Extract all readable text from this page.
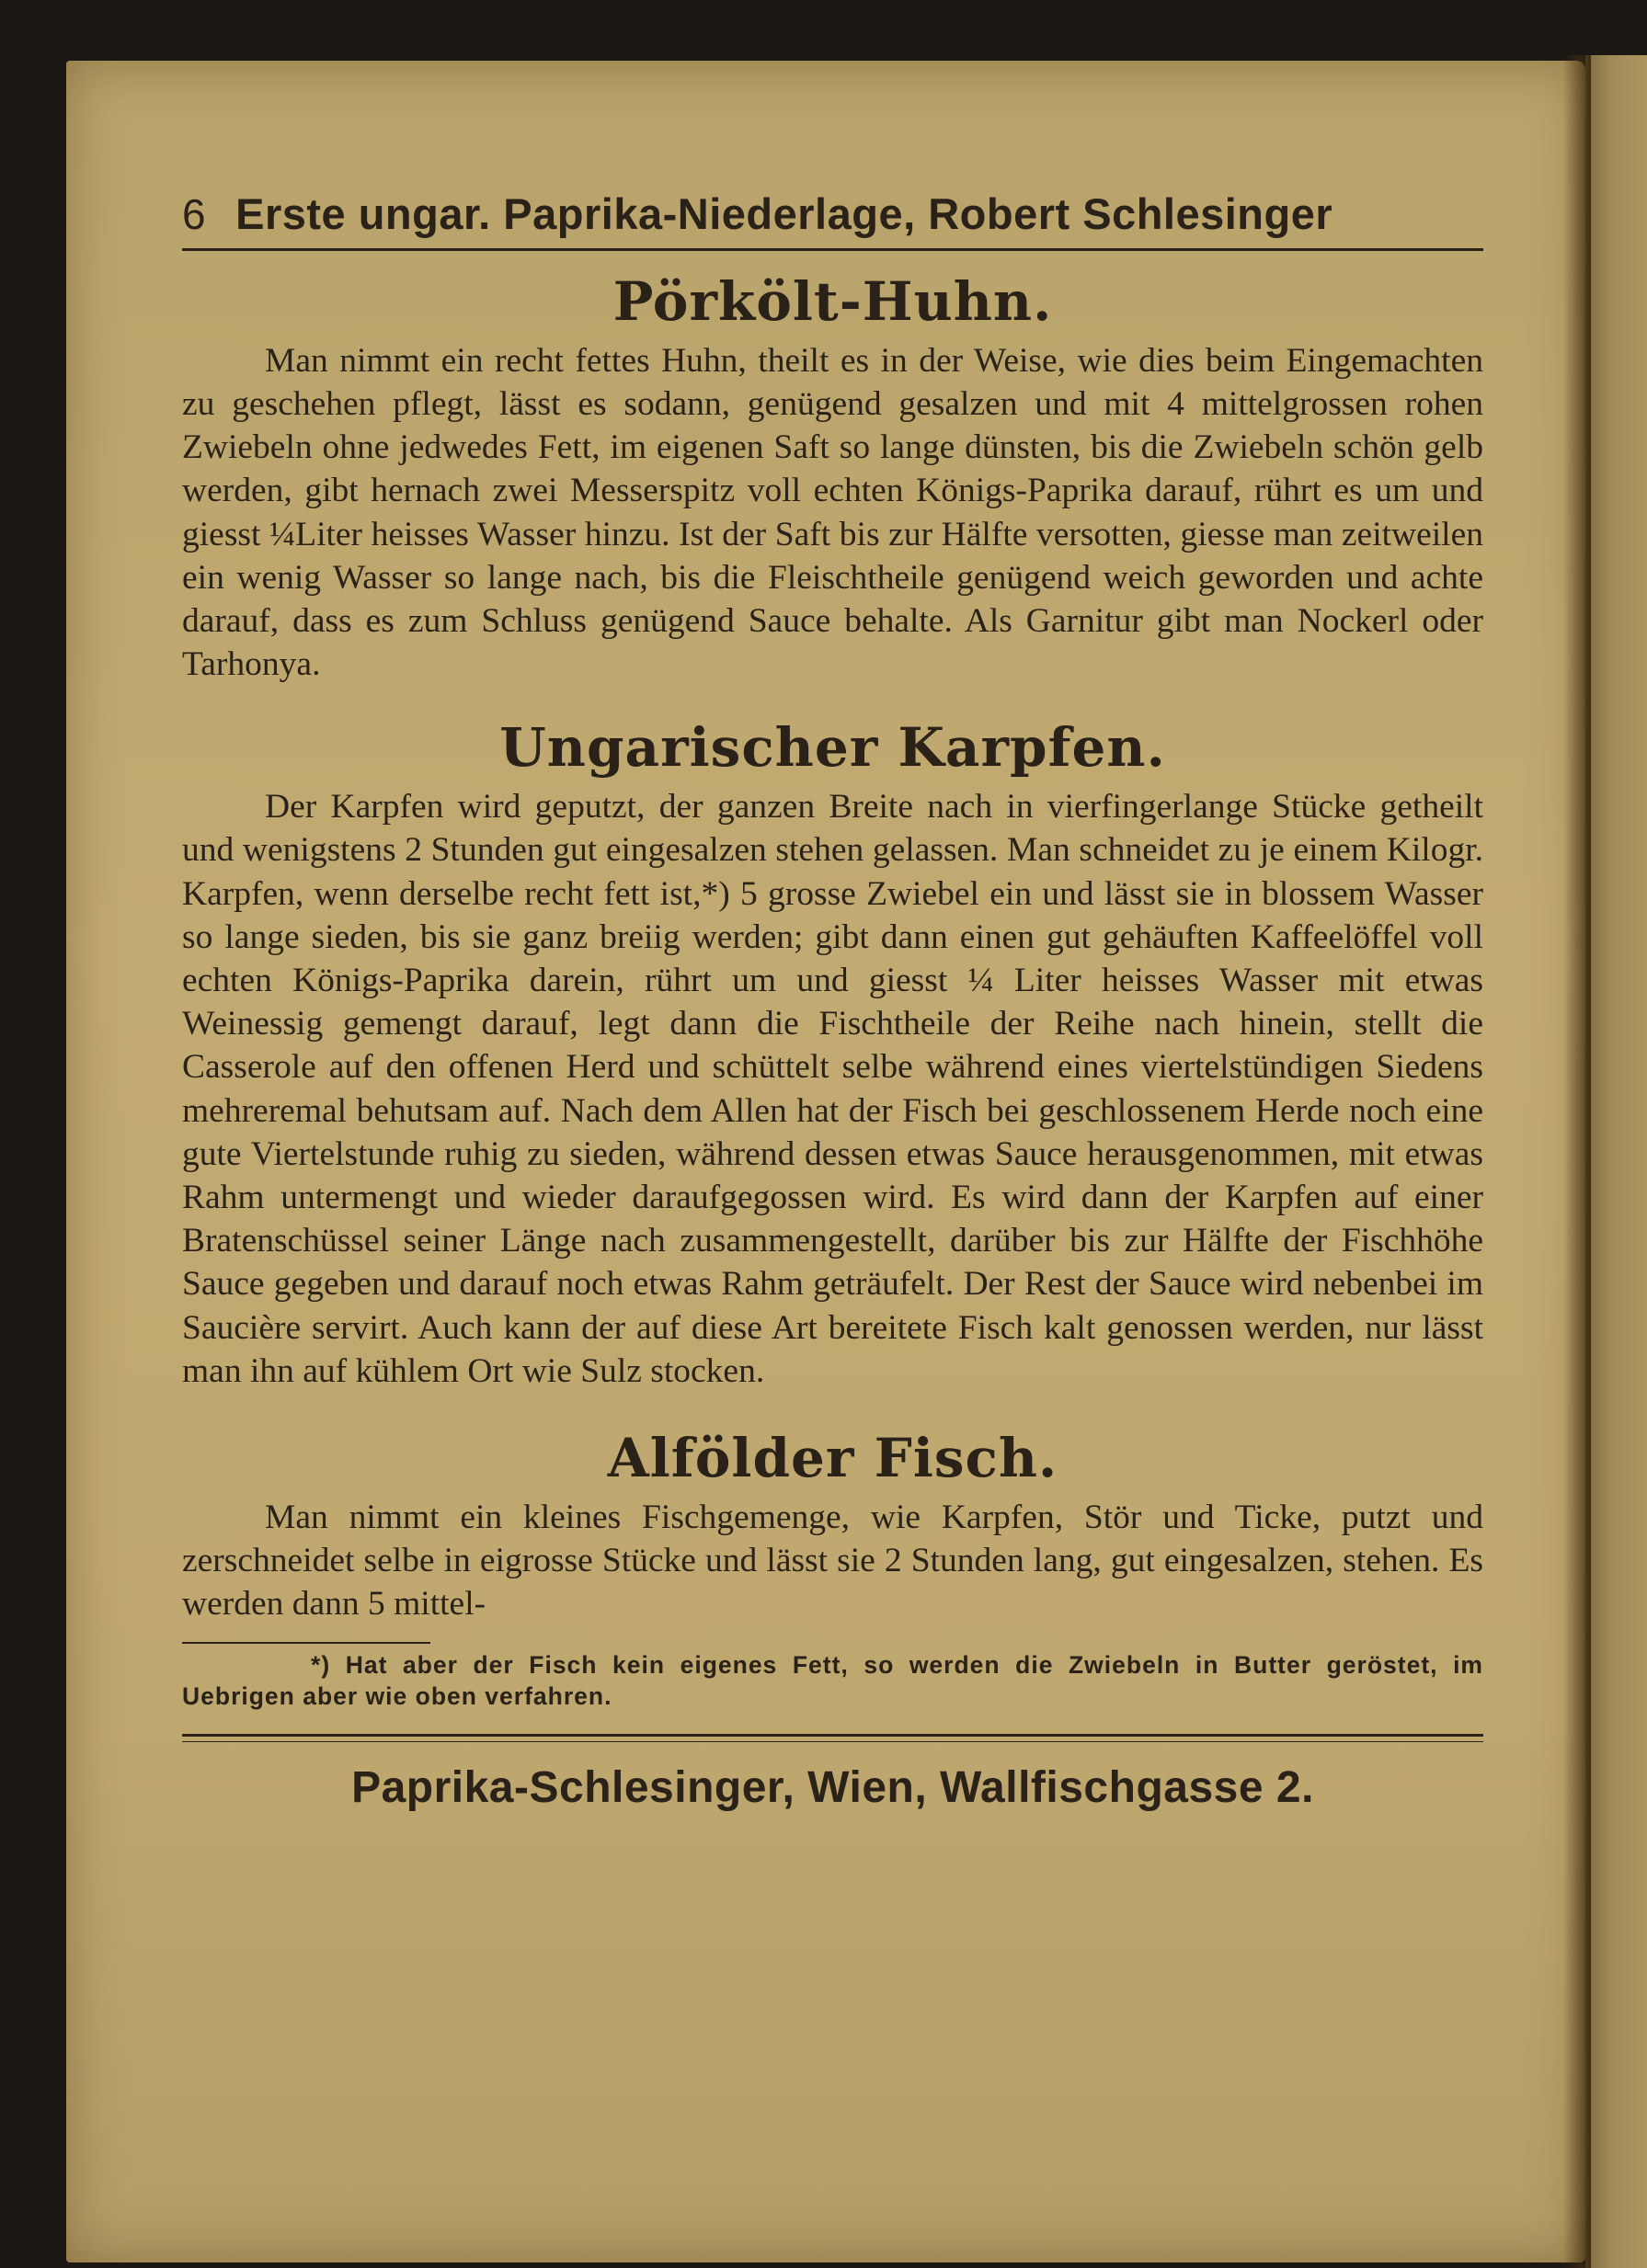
6 Erste ungar. Paprika-Niederlage, Robert Schlesinger
Pörkölt-Huhn.

Man nimmt ein recht fettes Huhn, theilt es in der Weise, wie dies beim Eingemachten zu geschehen pflegt, lässt es sodann, genügend gesalzen und mit 4 mittelgrossen rohen Zwiebeln ohne jedwedes Fett, im eigenen Saft so lange dünsten, bis die Zwiebeln schön gelb werden, gibt hernach zwei Messerspitz voll echten Königs-Paprika darauf, rührt es um und giesst ¼Liter heisses Wasser hinzu. Ist der Saft bis zur Hälfte versotten, giesse man zeitweilen ein wenig Wasser so lange nach, bis die Fleischtheile genügend weich geworden und achte darauf, dass es zum Schluss genügend Sauce behalte. Als Garnitur gibt man Nockerl oder Tarhonya.

Ungarischer Karpfen.

Der Karpfen wird geputzt, der ganzen Breite nach in vierfingerlange Stücke getheilt und wenigstens 2 Stunden gut eingesalzen stehen gelassen. Man schneidet zu je einem Kilogr. Karpfen, wenn derselbe recht fett ist,*) 5 grosse Zwiebel ein und lässt sie in blossem Wasser so lange sieden, bis sie ganz breiig werden; gibt dann einen gut gehäuften Kaffeelöffel voll echten Königs-Paprika darein, rührt um und giesst ¼ Liter heisses Wasser mit etwas Weinessig gemengt darauf, legt dann die Fischtheile der Reihe nach hinein, stellt die Casserole auf den offenen Herd und schüttelt selbe während eines viertelstündigen Siedens mehreremal behutsam auf. Nach dem Allen hat der Fisch bei geschlossenem Herde noch eine gute Viertelstunde ruhig zu sieden, während dessen etwas Sauce herausgenommen, mit etwas Rahm untermengt und wieder daraufgegossen wird. Es wird dann der Karpfen auf einer Bratenschüssel seiner Länge nach zusammengestellt, darüber bis zur Hälfte der Fischhöhe Sauce gegeben und darauf noch etwas Rahm geträufelt. Der Rest der Sauce wird nebenbei im Saucière servirt. Auch kann der auf diese Art bereitete Fisch kalt genossen werden, nur lässt man ihn auf kühlem Ort wie Sulz stocken.

Alfölder Fisch.

Man nimmt ein kleines Fischgemenge, wie Karpfen, Stör und Ticke, putzt und zerschneidet selbe in eigrosse Stücke und lässt sie 2 Stunden lang, gut eingesalzen, stehen. Es werden dann 5 mittel-

*) Hat aber der Fisch kein eigenes Fett, so werden die Zwiebeln in Butter geröstet, im Uebrigen aber wie oben verfahren.
Paprika-Schlesinger, Wien, Wallfischgasse 2.
